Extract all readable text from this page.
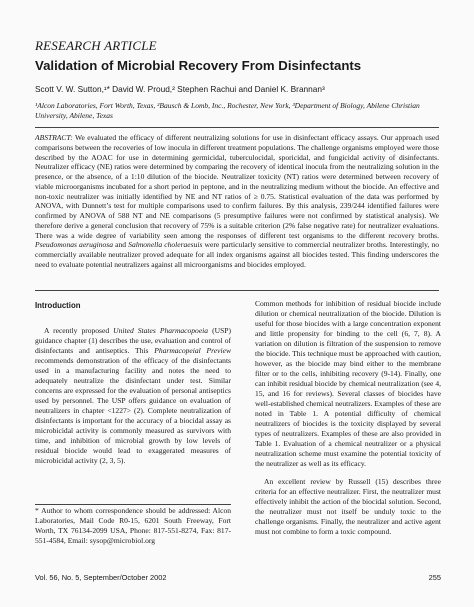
RESEARCH ARTICLE
Validation of Microbial Recovery From Disinfectants
Scott V. W. Sutton,¹* David W. Proud,² Stephen Rachui and Daniel K. Brannan³
¹Alcon Laboratories, Fort Worth, Texas, ²Bausch & Lomb, Inc., Rochester, New York, ³Department of Biology, Abilene Christian University, Abilene, Texas
ABSTRACT: We evaluated the efficacy of different neutralizing solutions for use in disinfectant efficacy assays. Our approach used comparisons between the recoveries of low inocula in different treatment populations. The challenge organisms employed were those described by the AOAC for use in determining germicidal, tuberculocidal, sporicidal, and fungicidal activity of disinfectants. Neutralizer efficacy (NE) ratios were determined by comparing the recovery of identical inocula from the neutralizing solution in the presence, or the absence, of a 1:10 dilution of the biocide. Neutralizer toxicity (NT) ratios were determined between recovery of viable microorganisms incubated for a short period in peptone, and in the neutralizing medium without the biocide. An effective and non-toxic neutralizer was initially identified by NE and NT ratios of ≥ 0.75. Statistical evaluation of the data was performed by ANOVA, with Dunnett’s test for multiple comparisons used to confirm failures. By this analysis, 239/244 identified failures were confirmed by ANOVA of 588 NT and NE comparisons (5 presumptive failures were not confirmed by statistical analysis). We therefore derive a general conclusion that recovery of 75% is a suitable criterion (2% false negative rate) for neutralizer evaluations. There was a wide degree of variability seen among the responses of different test organisms to the different recovery broths. Pseudomonas aeruginosa and Salmonella choleraesuis were particularly sensitive to commercial neutralizer broths. Interestingly, no commercially available neutralizer proved adequate for all index organisms against all biocides tested. This finding underscores the need to evaluate potential neutralizers against all microorganisms and biocides employed.

Introduction

A recently proposed United States Pharmacopoeia (USP) guidance chapter (1) describes the use, evaluation and control of disinfectants and antiseptics. This Pharmacopeial Preview recommends demonstration of the efficacy of the disinfectants used in a manufacturing facility and notes the need to adequately neutralize the disinfectant under test. Similar concerns are expressed for the evaluation of personal antiseptics used by personnel. The USP offers guidance on evaluation of neutralizers in chapter <1227> (2). Complete neutralization of disinfectants is important for the accuracy of a biocidal assay as microbicidal activity is commonly measured as survivors with time, and inhibition of microbial growth by low levels of residual biocide would lead to exaggerated measures of microbicidal activity (2, 3, 5).

* Author to whom correspondence should be addressed: Alcon Laboratories, Mail Code R0-15, 6201 South Freeway, Fort Worth, TX 76134-2099 USA, Phone: 817-551-8274, Fax: 817-551-4584, Email: sysop@microbiol.org

Common methods for inhibition of residual biocide include dilution or chemical neutralization of the biocide. Dilution is useful for those biocides with a large concentration exponent and little propensity for binding to the cell (6, 7, 8). A variation on dilution is filtration of the suspension to remove the biocide. This technique must be approached with caution, however, as the biocide may bind either to the membrane filter or to the cells, inhibiting recovery (9-14). Finally, one can inhibit residual biocide by chemical neutralization (see 4, 15, and 16 for reviews). Several classes of biocides have well-established chemical neutralizers. Examples of these are noted in Table 1. A potential difficulty of chemical neutralizers of biocides is the toxicity displayed by several types of neutralizers. Examples of these are also provided in Table 1. Evaluation of a chemical neutralizer or a physical neutralization scheme must examine the potential toxicity of the neutralizer as well as its efficacy.

An excellent review by Russell (15) describes three criteria for an effective neutralizer. First, the neutralizer must effectively inhibit the action of the biocidal solution. Second, the neutralizer must not itself be unduly toxic to the challenge organisms. Finally, the neutralizer and active agent must not combine to form a toxic compound.

Vol. 56, No. 5, September/October 2002	255
